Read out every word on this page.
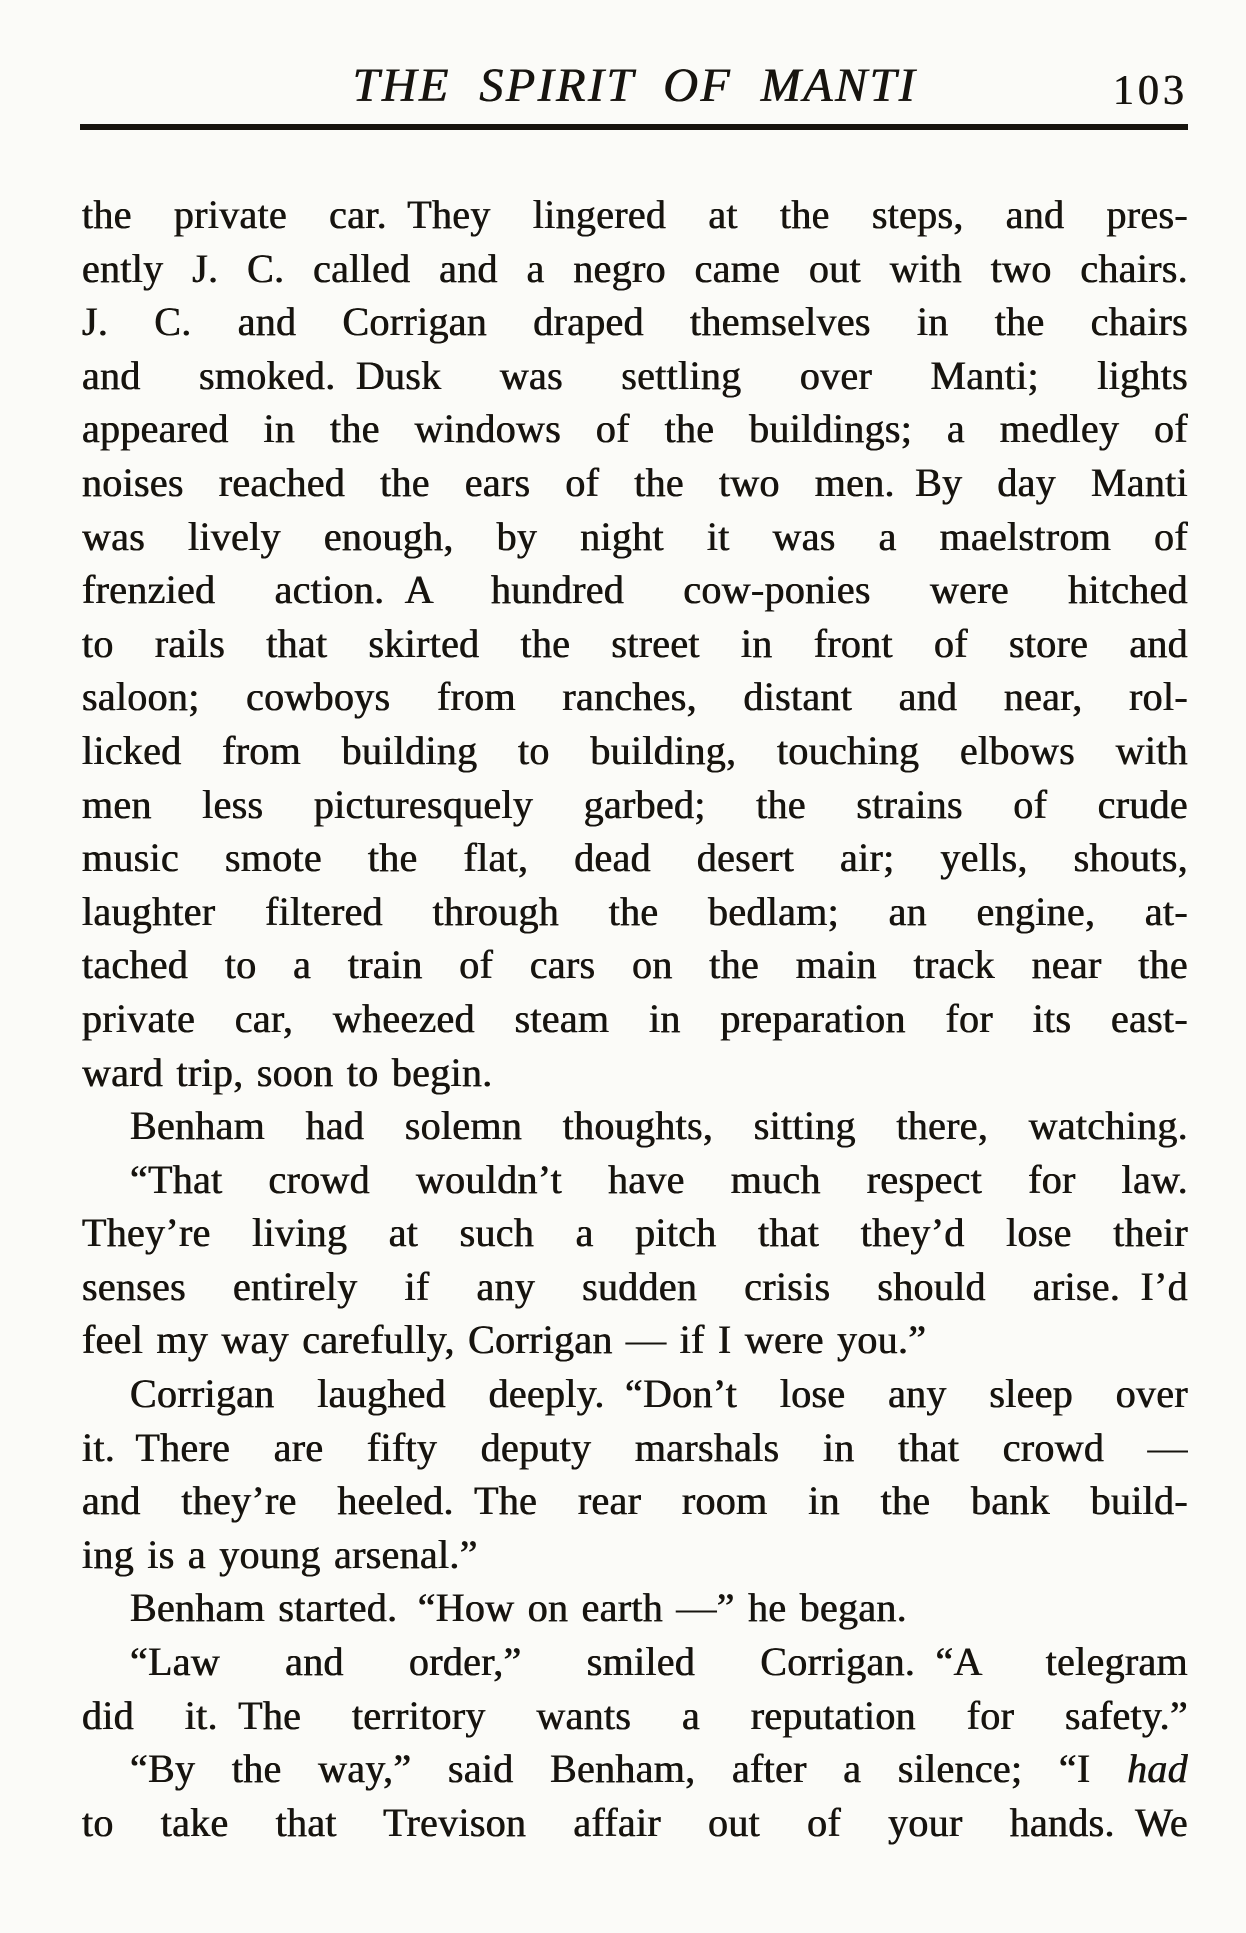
THE SPIRIT OF MANTI	103
the private car. They lingered at the steps, and pres-
ently J. C. called and a negro came out with two chairs.
J. C. and Corrigan draped themselves in the chairs
and smoked. Dusk was settling over Manti; lights
appeared in the windows of the buildings; a medley of
noises reached the ears of the two men. By day Manti
was lively enough, by night it was a maelstrom of
frenzied action. A hundred cow-ponies were hitched
to rails that skirted the street in front of store and
saloon; cowboys from ranches, distant and near, rol-
licked from building to building, touching elbows with
men less picturesquely garbed; the strains of crude
music smote the flat, dead desert air; yells, shouts,
laughter filtered through the bedlam; an engine, at-
tached to a train of cars on the main track near the
private car, wheezed steam in preparation for its east-
ward trip, soon to begin.
Benham had solemn thoughts, sitting there, watching.
“That crowd wouldn’t have much respect for law.
They’re living at such a pitch that they’d lose their
senses entirely if any sudden crisis should arise. I’d
feel my way carefully, Corrigan — if I were you.”
Corrigan laughed deeply. “Don’t lose any sleep over
it. There are fifty deputy marshals in that crowd —
and they’re heeled. The rear room in the bank build-
ing is a young arsenal.”
Benham started. “How on earth —” he began.
“Law and order,” smiled Corrigan. “A telegram
did it. The territory wants a reputation for safety.”
“By the way,” said Benham, after a silence; “I had
to take that Trevison affair out of your hands. We
